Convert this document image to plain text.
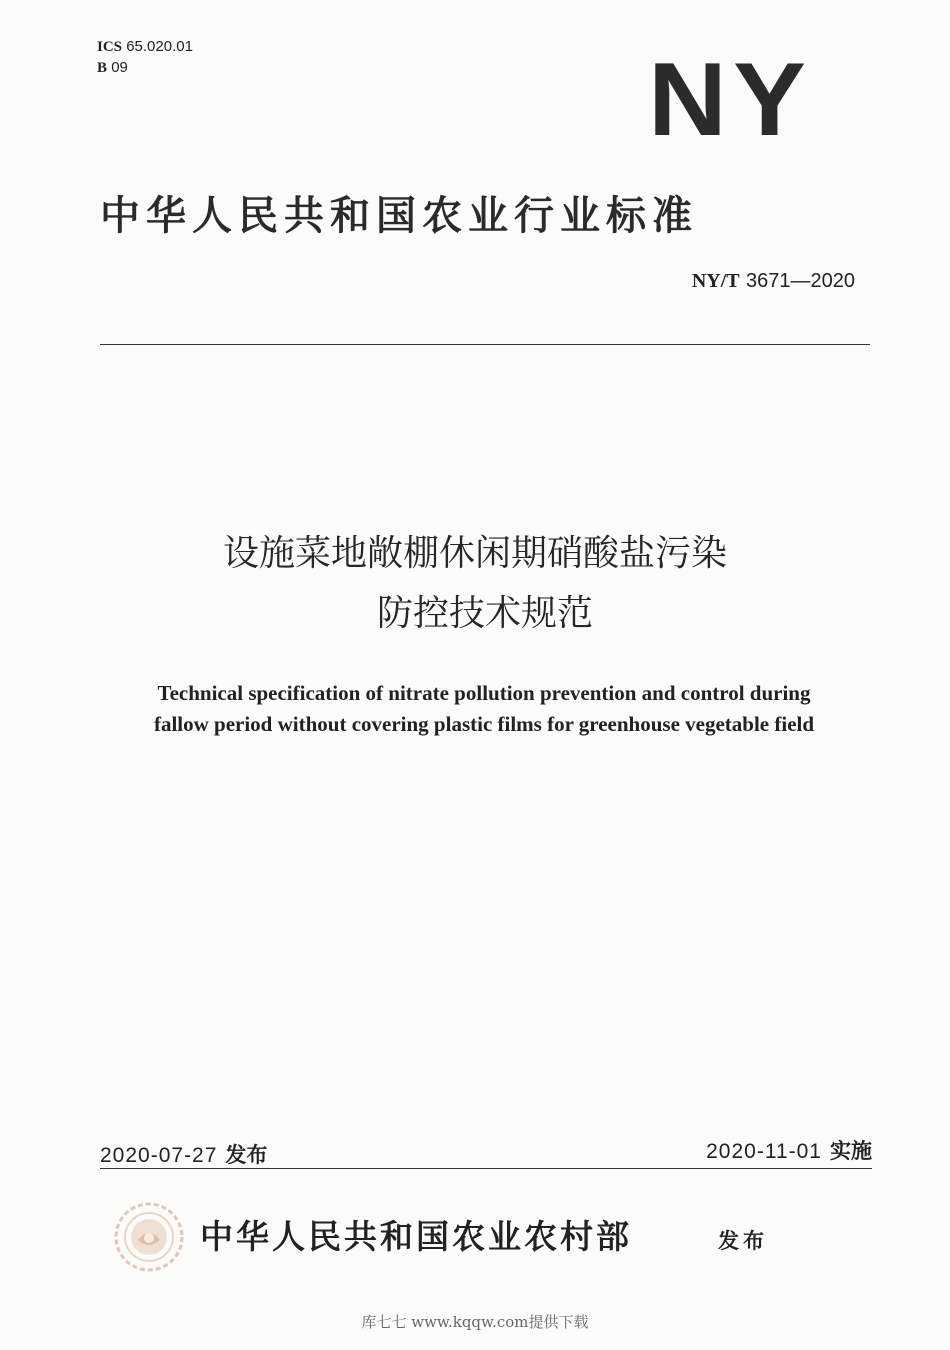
ICS 65.020.01
B 09	NY
中华人民共和国农业行业标准
NY/T 3671—2020
设施菜地敞棚休闲期硝酸盐污染
防控技术规范
Technical specification of nitrate pollution prevention and control during
fallow period without covering plastic films for greenhouse vegetable field
2020-07-27 发布	2020-11-01 实施
中华人民共和国农业农村部	发布
库七七 www.kqqw.com提供下载
